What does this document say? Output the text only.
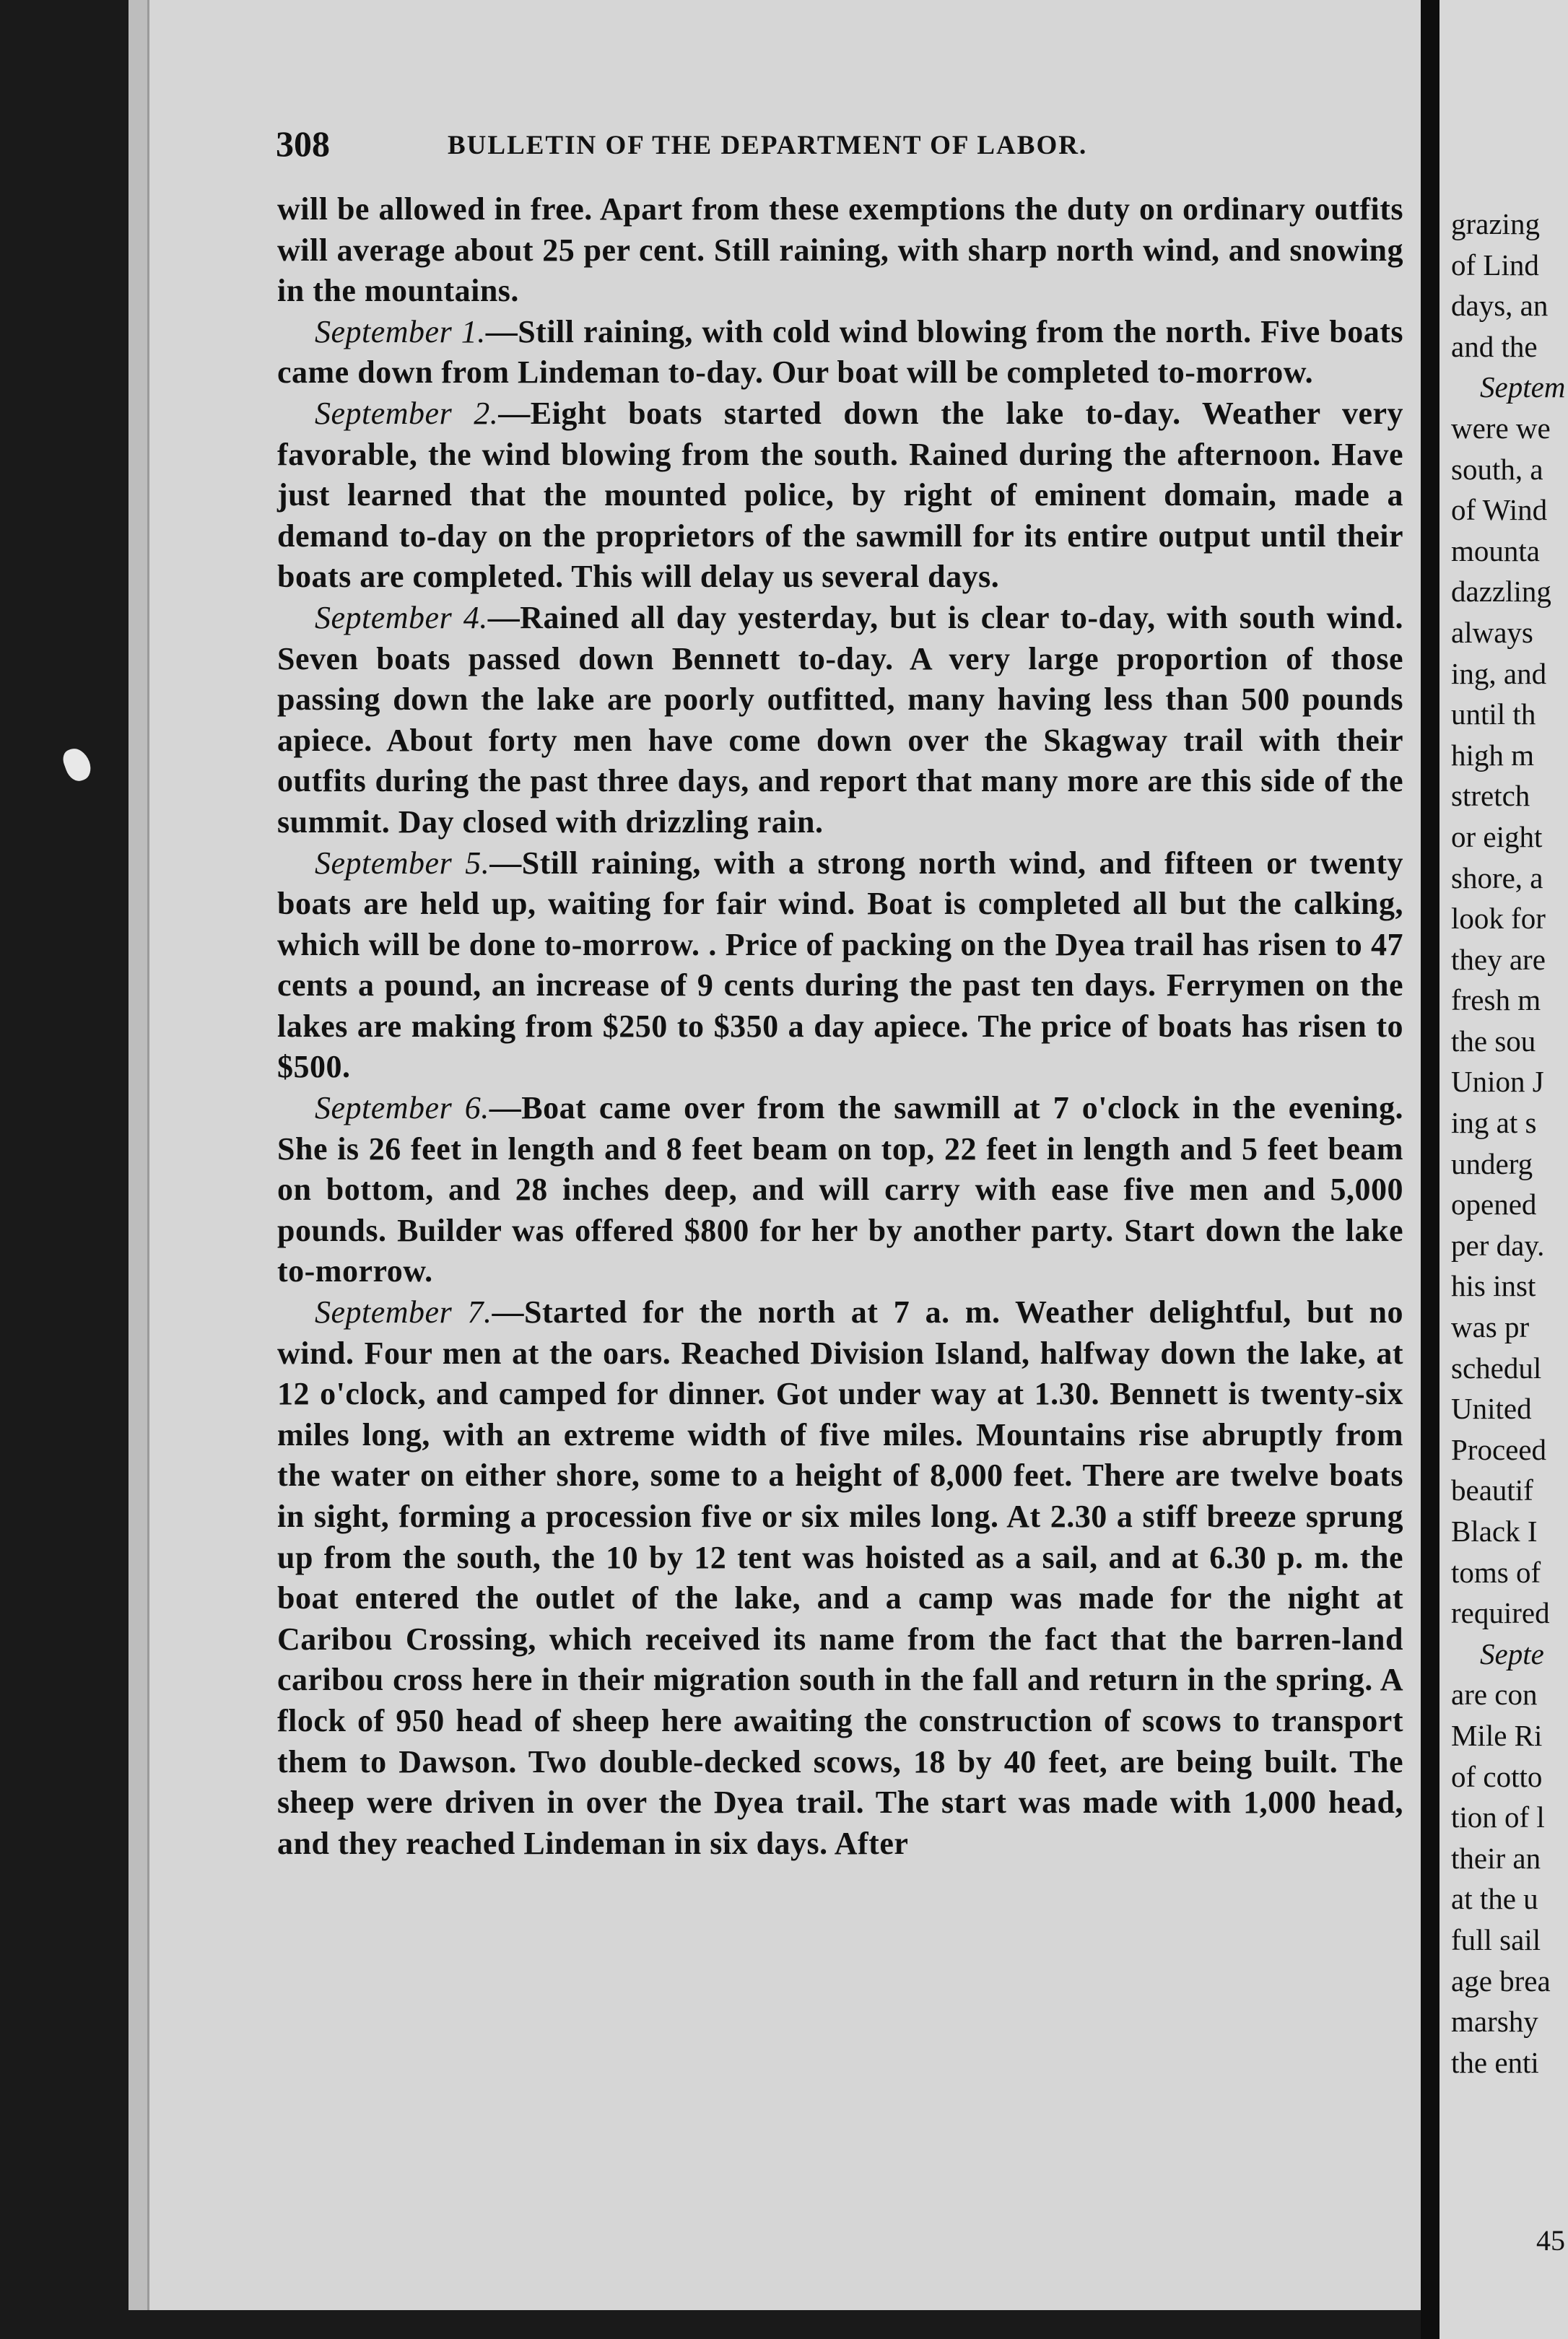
308	BULLETIN OF THE DEPARTMENT OF LABOR.

will be allowed in free. Apart from these exemptions the duty on ordinary outfits will average about 25 per cent. Still raining, with sharp north wind, and snowing in the mountains.

September 1.—Still raining, with cold wind blowing from the north. Five boats came down from Lindeman to-day. Our boat will be completed to-morrow.

September 2.—Eight boats started down the lake to-day. Weather very favorable, the wind blowing from the south. Rained during the afternoon. Have just learned that the mounted police, by right of eminent domain, made a demand to-day on the proprietors of the sawmill for its entire output until their boats are completed. This will delay us several days.

September 4.—Rained all day yesterday, but is clear to-day, with south wind. Seven boats passed down Bennett to-day. A very large proportion of those passing down the lake are poorly outfitted, many having less than 500 pounds apiece. About forty men have come down over the Skagway trail with their outfits during the past three days, and report that many more are this side of the summit. Day closed with drizzling rain.

September 5.—Still raining, with a strong north wind, and fifteen or twenty boats are held up, waiting for fair wind. Boat is completed all but the calking, which will be done to-morrow. . Price of packing on the Dyea trail has risen to 47 cents a pound, an increase of 9 cents during the past ten days. Ferrymen on the lakes are making from $250 to $350 a day apiece. The price of boats has risen to $500.

September 6.—Boat came over from the sawmill at 7 o'clock in the evening. She is 26 feet in length and 8 feet beam on top, 22 feet in length and 5 feet beam on bottom, and 28 inches deep, and will carry with ease five men and 5,000 pounds. Builder was offered $800 for her by another party. Start down the lake to-morrow.

September 7.—Started for the north at 7 a. m. Weather delightful, but no wind. Four men at the oars. Reached Division Island, halfway down the lake, at 12 o'clock, and camped for dinner. Got under way at 1.30. Bennett is twenty-six miles long, with an extreme width of five miles. Mountains rise abruptly from the water on either shore, some to a height of 8,000 feet. There are twelve boats in sight, forming a procession five or six miles long. At 2.30 a stiff breeze sprung up from the south, the 10 by 12 tent was hoisted as a sail, and at 6.30 p. m. the boat entered the outlet of the lake, and a camp was made for the night at Caribou Crossing, which received its name from the fact that the barren-land caribou cross here in their migration south in the fall and return in the spring. A flock of 950 head of sheep here awaiting the construction of scows to transport them to Dawson. Two double-decked scows, 18 by 40 feet, are being built. The sheep were driven in over the Dyea trail. The start was made with 1,000 head, and they reached Lindeman in six days. After

grazing
of Lind
days, an
and the
Septem
were we
south, a
of Wind
mounta
dazzling
always
ing, and
until th
high m
stretch
or eight
shore, a
look for
they are
fresh m
the sou
Union J
ing at s
underg
opened
per day.
his inst
was pr
schedul
United
Proceed
beautif
Black I
toms of
required
Septe
are con
Mile Ri
of cotto
tion of l
their an
at the u
full sail
age brea
marshy
the enti
45
